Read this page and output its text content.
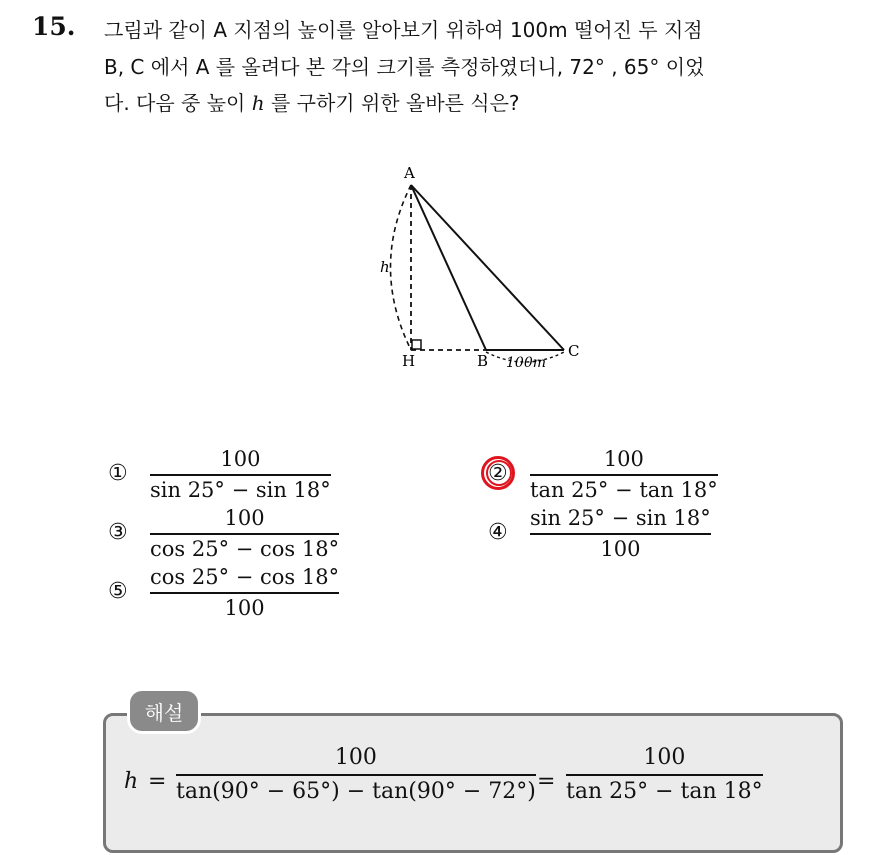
15. 그림과 같이 A 지점의 높이를 알아보기 위하여 100m 떨어진 두 지점
B, C 에서 A 를 올려다 본 각의 크기를 측정하였더니, 72° , 65° 이었
다. 다음 중 높이 h 를 구하기 위한 올바른 식은?
A
h
H	B
C
100m
①
100
sin 25° − sin 18°
②
100
tan 25° − tan 18°
③
100
cos 25° − cos 18°
④
sin 25° − sin 18°
100
⑤
cos 25° − cos 18°
100
해설
h =
100
tan(90° − 65°) − tan(90° − 72°) =
100
tan 25° − tan 18°
